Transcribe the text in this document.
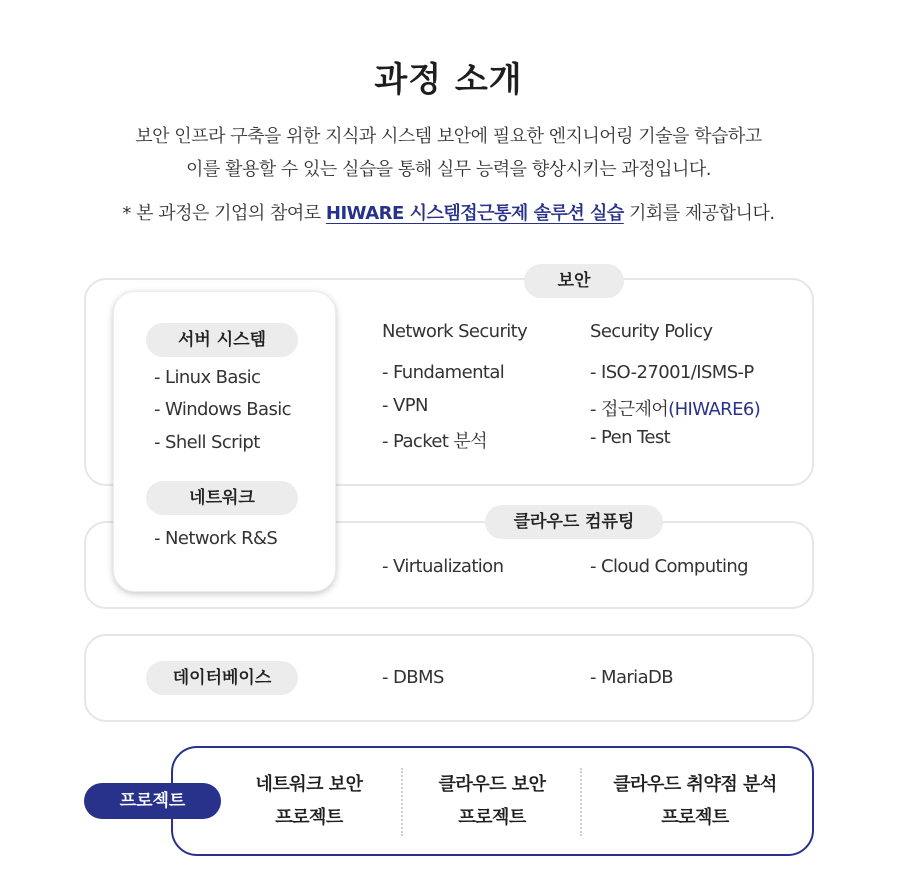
과정 소개
보안 인프라 구축을 위한 지식과 시스템 보안에 필요한 엔지니어링 기술을 학습하고
이를 활용할 수 있는 실습을 통해 실무 능력을 향상시키는 과정입니다.
* 본 과정은 기업의 참여로 HIWARE 시스템접근통제 솔루션 실습 기회를 제공합니다.
보안
Network Security
- Fundamental
- VPN
- Packet 분석
Security Policy
- ISO-27001/ISMS-P
- 접근제어(HIWARE6)
- Pen Test
클라우드 컴퓨팅
- Virtualization	- Cloud Computing
서버 시스템
- Linux Basic
- Windows Basic
- Shell Script
네트워크
- Network R&S
데이터베이스	- DBMS	- MariaDB
프로젝트
네트워크 보안
프로젝트
클라우드 보안
프로젝트
클라우드 취약점 분석
프로젝트
